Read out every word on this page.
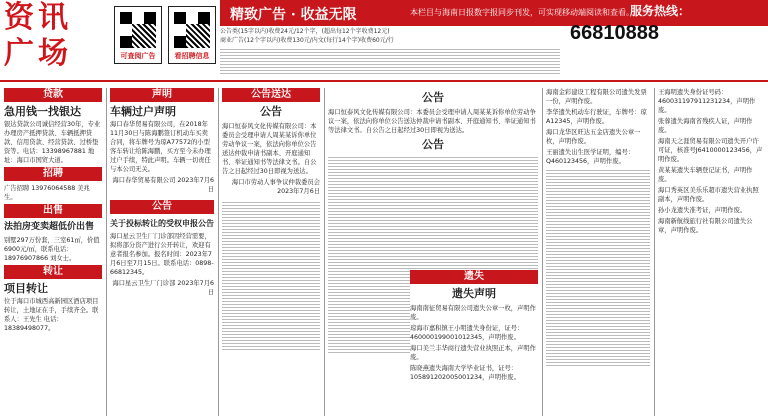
资
广
讯
场	可查阅广告	看招聘信息
精致广告 · 收益无限	本栏目与海南日报数字报同步刊发，可实现移动端阅读和查看。
服务热线：
66810888
公告类(15字以内)收费24元/12个字，(超出每12个字收费12元)
商业广告(12个字以内)收费130元/内文(每行14个字)收费60元/行
贷款
急用钱一找银达

银达贷款公司诚信经营30年，专业办理房产抵押贷款、车辆抵押贷款、信用贷款、经营贷款、过桥垫资等。电话：13398967881 地址：海口市国贸大道。

招聘

广告招聘 13976064588 美兆生。

出售
法拍房变卖超低价出售

别墅297万份套，三室61㎡，价值6900元/㎡，联系电话：18976907866 刘女士。

转让
项目转让

位于海口市城西高新园区酒店项目转让，土地证在手，手续齐全。联系人：王先生 电话：18389498077。

声明
车辆过户声明

海口春华贸易有限公司，在2018年11月30日与陈海鹏签订机动车买卖合同，将车牌号为琼A77572的小型客车转让给陈海鹏，买方至今未办理过户手续，特此声明。车辆一切责任与本公司无关。

海口春华贸易有限公司 2023年7月6日

公告
关于投标转让的受权申报公告

海口星云卫生厂门诊部因经营需要，拟将部分资产进行公开转让，欢迎有意者报名参加。报名时间：2023年7月6日至7月15日。联系电话：0898-66812345。

海口星云卫生厂门诊部 2023年7月6日

公告送达
公告

海口恒泰风文化传媒有限公司：本委员会受理申请人周某某诉你单位劳动争议一案，依法向你单位公告送达仲裁申请书副本、开庭通知书、举证通知书等法律文书。自公告之日起经过30日即视为送达。

海口市劳动人事争议仲裁委员会 2023年7月6日

公告

海口恒泰风文化传媒有限公司：本委员会受理申请人周某某诉你单位劳动争议一案，依法向你单位公告送达仲裁申请书副本、开庭通知书、举证通知书等法律文书。自公告之日起经过30日即视为送达。

公告
遗失
遗失声明

海南南征贸易有限公司遗失公章一枚，声明作废。

琼海市嘉积镇王小明遗失身份证，证号：460000199001012345，声明作废。

海口美兰丰华商行遗失营业执照正本，声明作废。

陈晓燕遗失海南大学毕业证书，证号：105891202005001234，声明作废。

海南金彩建设工程有限公司遗失发票一份，声明作废。

李华遗失机动车行驶证，车牌号：琼A12345，声明作废。

海口龙华区旺达五金店遗失公章一枚，声明作废。

王丽遗失出生医学证明，编号：Q460123456，声明作废。

王海明遗失身份证号码：460031197911231234，声明作废。

张蓉遗失海南省残疾人证，声明作废。

海南天之涯贸易有限公司遗失开户许可证，核准号J6410000123456，声明作废。

黄某某遗失车辆登记证书，声明作废。

海口秀英区美乐乐超市遗失营业执照副本，声明作废。

孙小龙遗失准考证，声明作废。

海南新航线旅行社有限公司遗失公章，声明作废。
